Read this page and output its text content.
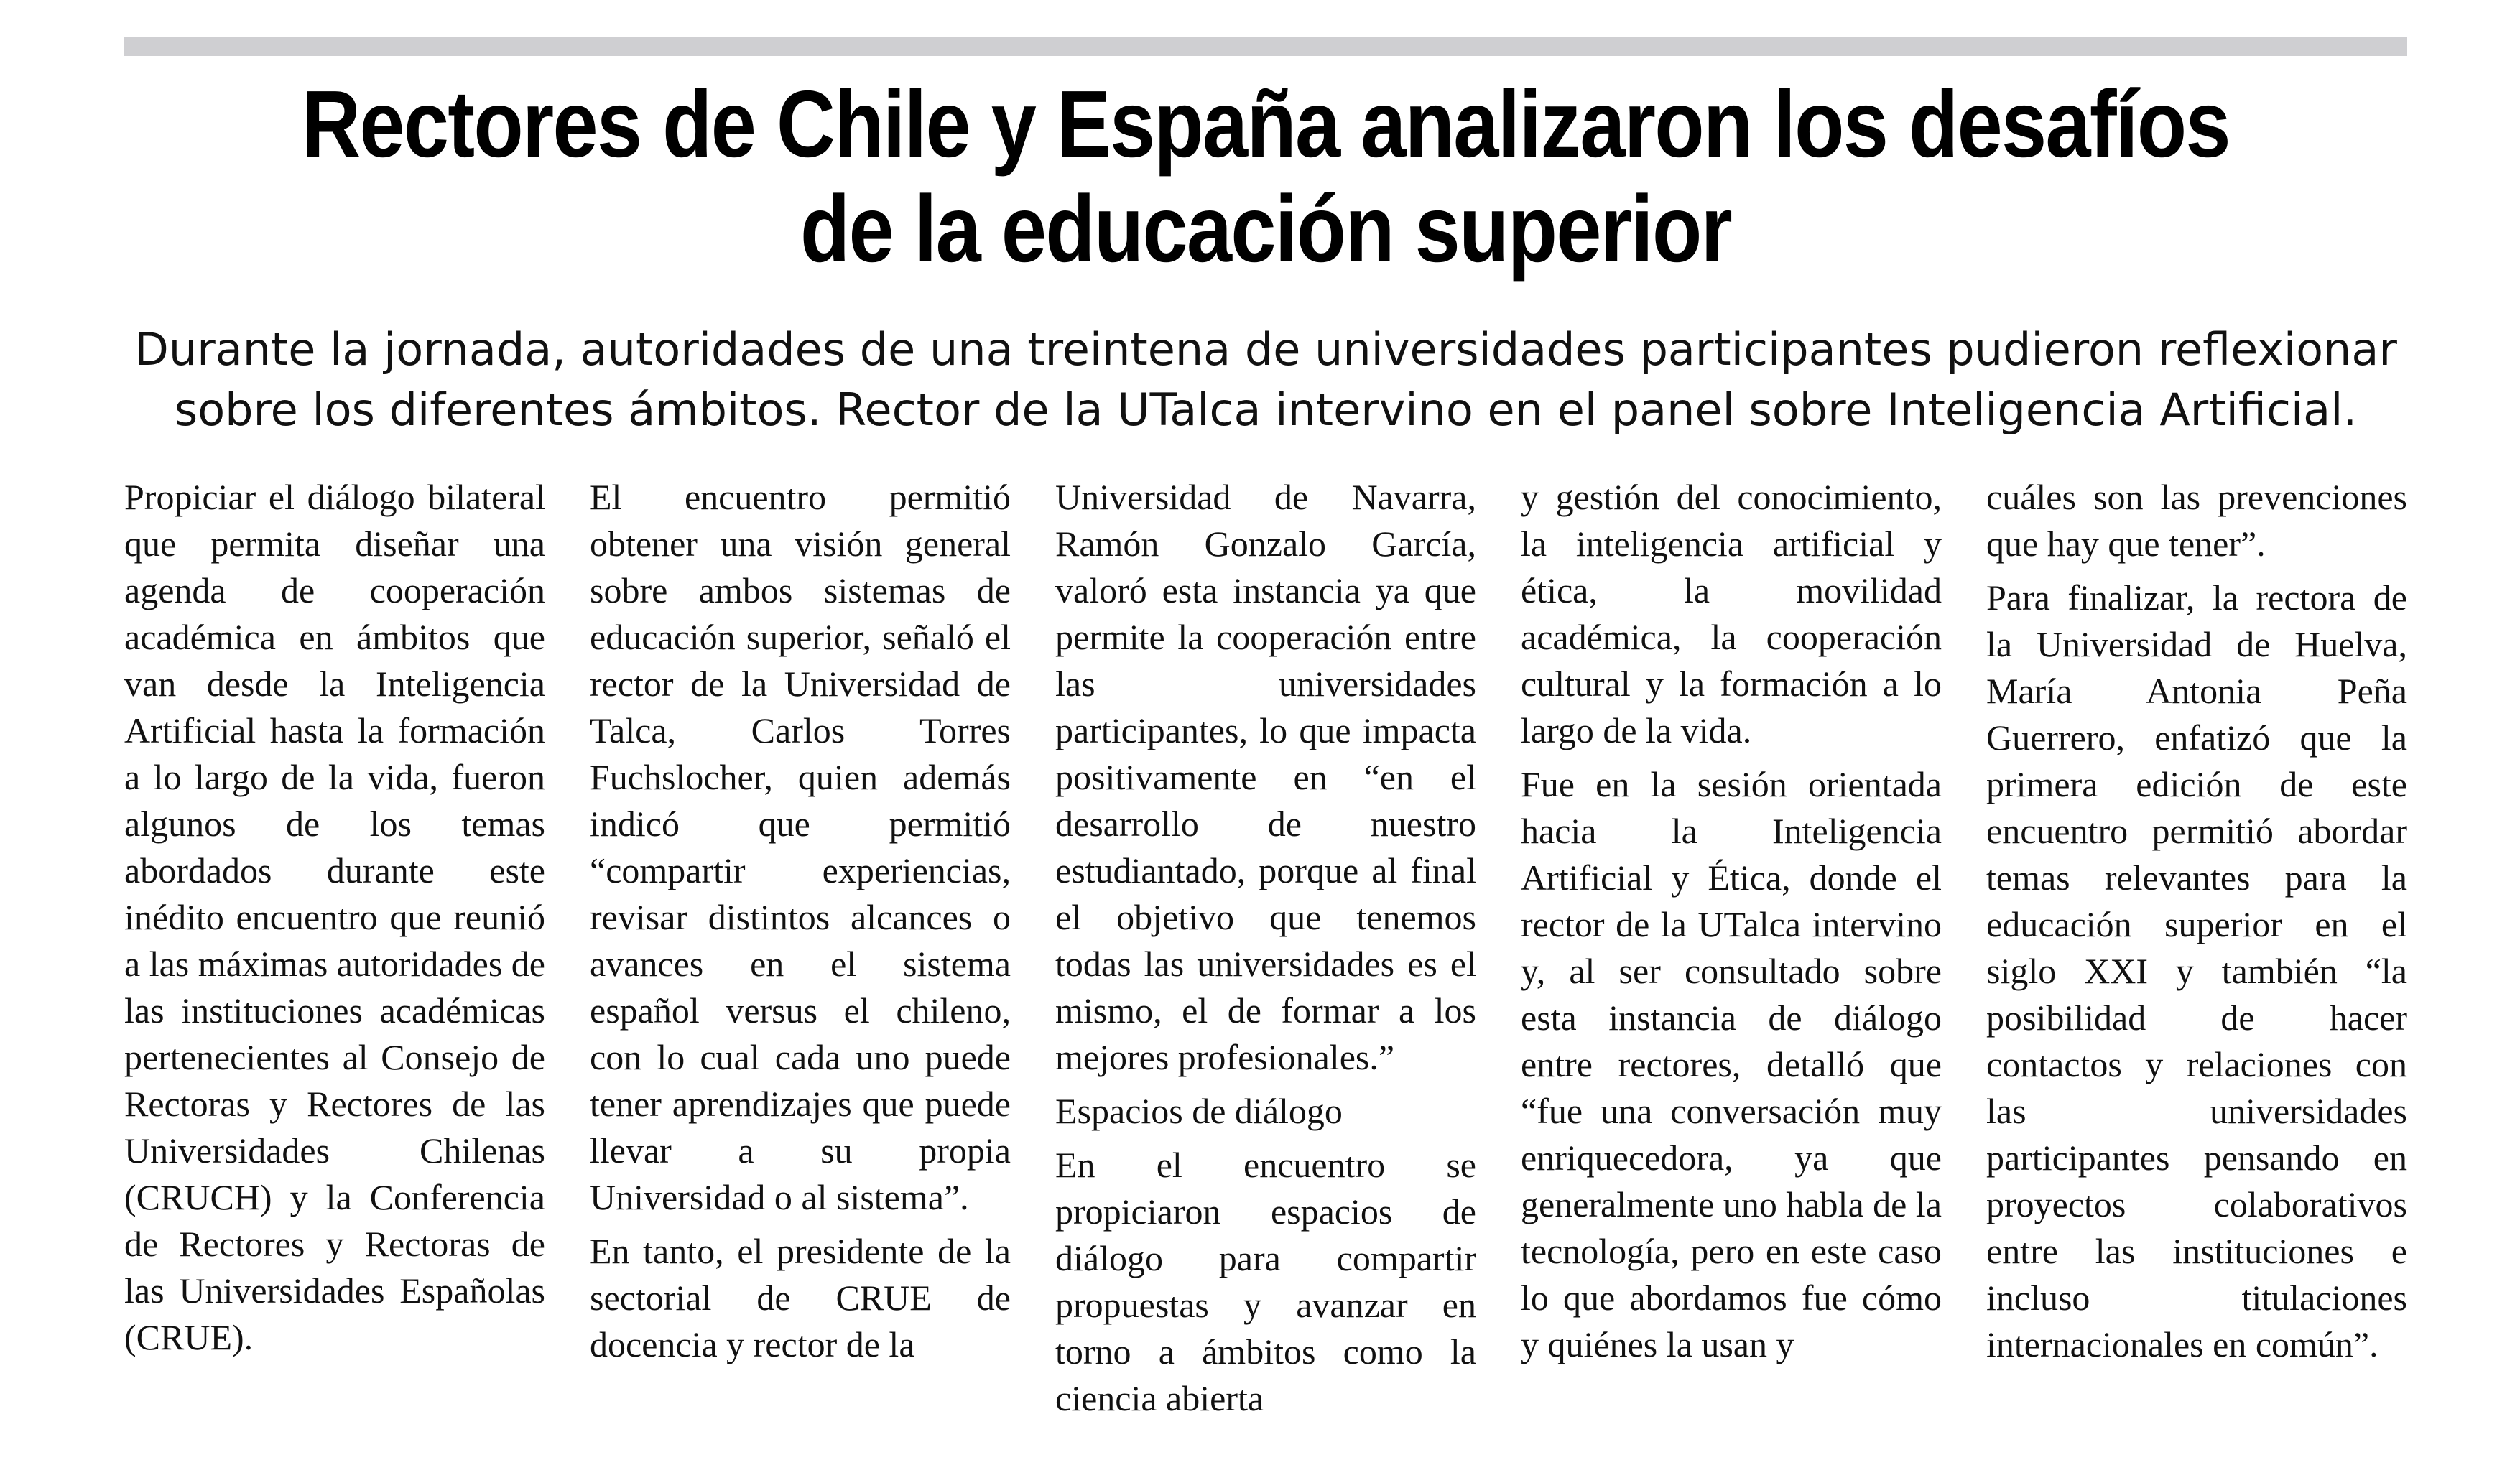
Rectores de Chile y España analizaron los desafíos
de la educación superior

Durante la jornada, autoridades de una treintena de universidades participantes pudieron reflexionar
sobre los diferentes ámbitos. Rector de la UTalca intervino en el panel sobre Inteligencia Artificial.

Propiciar el diálogo bilateral que permita diseñar una agenda de cooperación académica en ámbitos que van desde la Inteligencia Artificial hasta la formación a lo largo de la vida, fueron algunos de los temas abordados durante este inédito encuentro que reunió a las máximas autoridades de las instituciones académicas pertenecientes al Consejo de Rectoras y Rectores de las Universidades Chilenas (CRUCH) y la Conferencia de Rectores y Rectoras de las Universidades Españolas (CRUE).

El encuentro permitió obtener una visión general sobre ambos sistemas de educación superior, señaló el rector de la Universidad de Talca, Carlos Torres Fuchslocher, quien además indicó que permitió “compartir experiencias, revisar distintos alcances o avances en el sistema español versus el chileno, con lo cual cada uno puede tener aprendizajes que puede llevar a su propia Universidad o al sistema”.

En tanto, el presidente de la sectorial de CRUE de docencia y rector de la

Universidad de Navarra, Ramón Gonzalo García, valoró esta instancia ya que permite la cooperación entre las universidades participantes, lo que impacta positivamente en “en el desarrollo de nuestro estudiantado, porque al final el objetivo que tenemos todas las universidades es el mismo, el de formar a los mejores profesionales.”

Espacios de diálogo

En el encuentro se propiciaron espacios de diálogo para compartir propuestas y avanzar en torno a ámbitos como la ciencia abierta

y gestión del conocimiento, la inteligencia artificial y ética, la movilidad académica, la cooperación cultural y la formación a lo largo de la vida.

Fue en la sesión orientada hacia la Inteligencia Artificial y Ética, donde el rector de la UTalca intervino y, al ser consultado sobre esta instancia de diálogo entre rectores, detalló que “fue una conversación muy enriquecedora, ya que generalmente uno habla de la tecnología, pero en este caso lo que abordamos fue cómo y quiénes la usan y

cuáles son las prevenciones que hay que tener”.

Para finalizar, la rectora de la Universidad de Huelva, María Antonia Peña Guerrero, enfatizó que la primera edición de este encuentro permitió abordar temas relevantes para la educación superior en el siglo XXI y también “la posibilidad de hacer contactos y relaciones con las universidades participantes pensando en proyectos colaborativos entre las instituciones e incluso titulaciones internacionales en común”.
